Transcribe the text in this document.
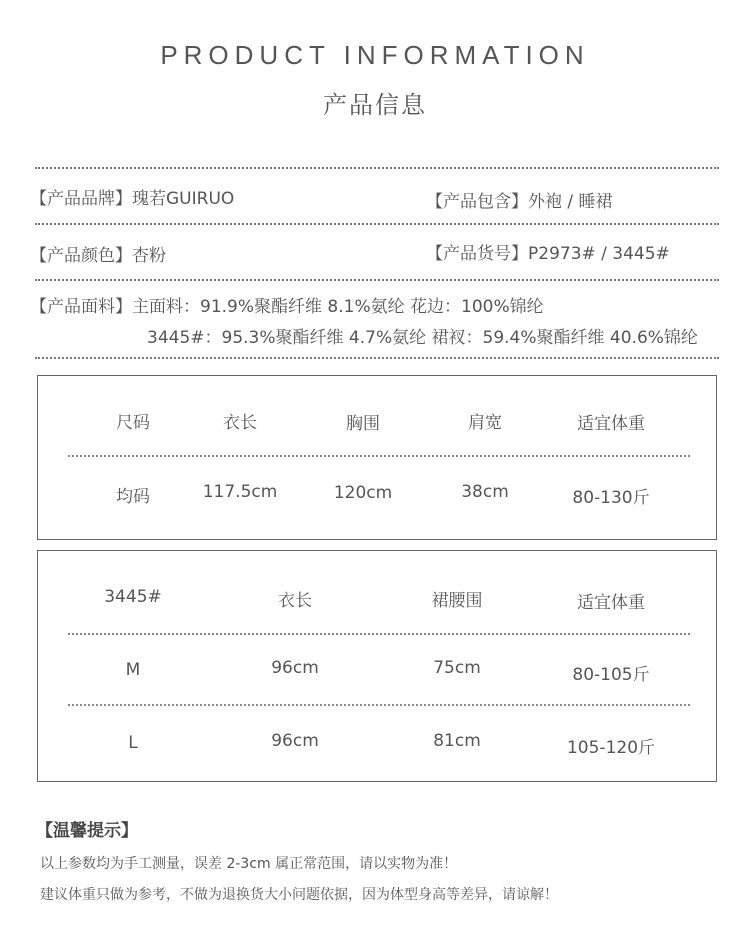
PRODUCT INFORMATION
产品信息
【产品品牌】瑰若GUIRUO	【产品包含】外袍 / 睡裙
【产品颜色】杏粉	【产品货号】P2973# / 3445#
【产品面料】主面料：91.9%聚酯纤维 8.1%氨纶 花边：100%锦纶
3445#：95.3%聚酯纤维 4.7%氨纶 裙衩：59.4%聚酯纤维 40.6%锦纶
尺码	衣长	胸围	肩宽	适宜体重
均码	117.5cm	120cm	38cm	80-130斤
3445#	衣长	裙腰围	适宜体重
M	96cm	75cm	80-105斤
L	96cm	81cm	105-120斤
【温馨提示】
以上参数均为手工测量，误差 2-3cm 属正常范围，请以实物为准！
建议体重只做为参考，不做为退换货大小问题依据，因为体型身高等差异，请谅解！
